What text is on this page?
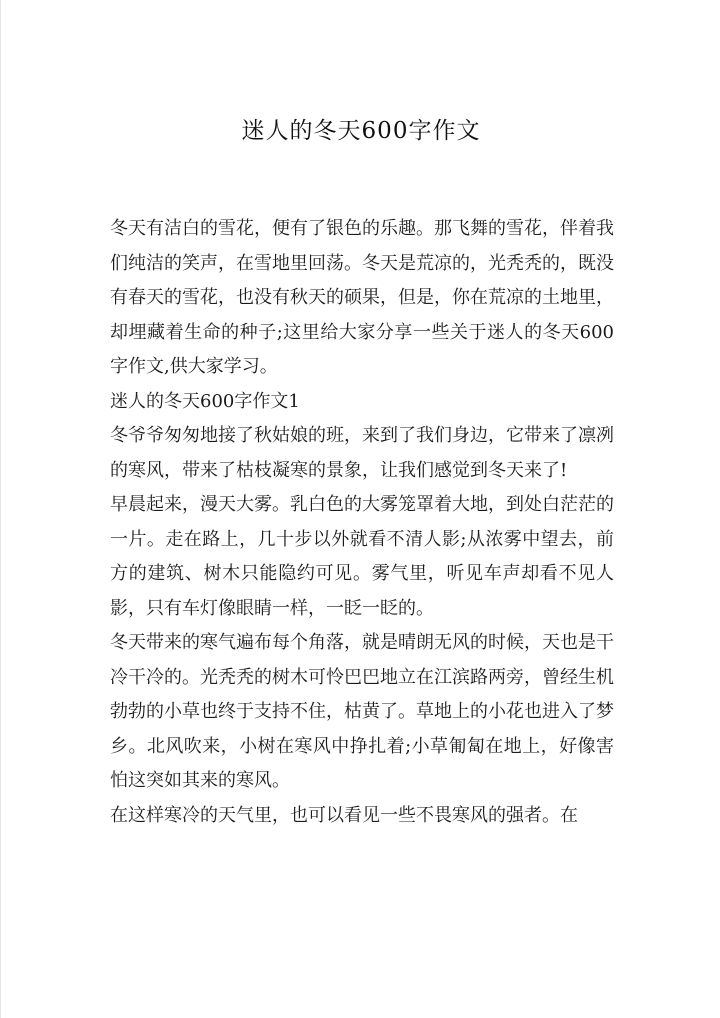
迷人的冬天600字作文

冬天有洁白的雪花，便有了银色的乐趣。那飞舞的雪花，伴着我们纯洁的笑声，在雪地里回荡。冬天是荒凉的，光秃秃的，既没有春天的雪花，也没有秋天的硕果，但是，你在荒凉的土地里，却埋藏着生命的种子;这里给大家分享一些关于迷人的冬天600字作文,供大家学习。

迷人的冬天600字作文1

冬爷爷匆匆地接了秋姑娘的班，来到了我们身边，它带来了凛冽的寒风，带来了枯枝凝寒的景象，让我们感觉到冬天来了!

早晨起来，漫天大雾。乳白色的大雾笼罩着大地，到处白茫茫的一片。走在路上，几十步以外就看不清人影;从浓雾中望去，前方的建筑、树木只能隐约可见。雾气里，听见车声却看不见人影，只有车灯像眼睛一样，一眨一眨的。

冬天带来的寒气遍布每个角落，就是晴朗无风的时候，天也是干冷干冷的。光秃秃的树木可怜巴巴地立在江滨路两旁，曾经生机勃勃的小草也终于支持不住，枯黄了。草地上的小花也进入了梦乡。北风吹来，小树在寒风中挣扎着;小草匍匐在地上，好像害怕这突如其来的寒风。

在这样寒冷的天气里，也可以看见一些不畏寒风的强者。在
